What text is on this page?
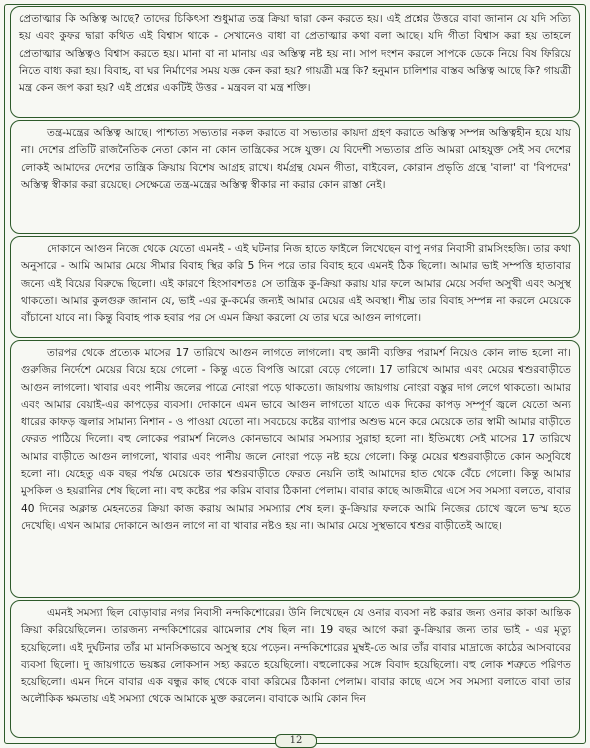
প্রেতাত্মার কি অস্তিত্ব আছে? তাদের চিকিৎসা শুধুমাত্র তন্ত্র ক্রিয়া দ্বারা কেন করতে হয়। এই প্রশ্নের উত্তরে বাবা জানান যে যদি সত্যি হয় এবং কুফর দ্বারা কথিত এই বিশ্বাস থাকে - সেখানেও বাধা বা প্রেতাত্মার কথা বলা আছে। যদি গীতা বিশ্বাস করা হয় তাহলে প্রেতাত্মার অস্তিত্বও বিশ্বাস করতে হয়। মানা বা না মানায় এর অস্তিত্ব নষ্ট হয় না। সাপ দংশন করলে সাপকে ডেকে নিয়ে বিষ ফিরিয়ে নিতে বাধ্য করা হয়। বিবাহ, বা ঘর নির্মাণের সময় যজ্ঞ কেন করা হয়? গায়ত্রী মন্ত্র কি? হনুমান চালিশার বাস্তব অস্তিত্ব আছে কি? গায়ত্রী মন্ত্র কেন জপ করা হয়? এই প্রশ্নের একটিই উত্তর - মন্ত্রবল বা মন্ত্র শক্তি।

তন্ত্র-মন্ত্রের অস্তিত্ব আছে। পাশ্চাত্য সভ্যতার নকল করাতে বা সভ্যতার কায়দা গ্রহণ করাতে অস্তিত্ব সম্পন্ন অস্তিত্বহীন হয়ে যায় না। দেশের প্রতিটি রাজনৈতিক নেতা কোন না কোন তান্ত্রিকের সঙ্গে যুক্ত। যে বিদেশী সভ্যতার প্রতি আমরা মোহযুক্ত সেই সব দেশের লোকই আমাদের দেশের তান্ত্রিক ক্রিয়ায় বিশেষ আগ্রহ রাখে। ধর্মগ্রন্থ যেমন গীতা, বাইবেল, কোরান প্রভৃতি গ্রন্থে 'বালা' বা 'বিপদের' অস্তিত্ব স্বীকার করা রয়েছে। সেক্ষেত্রে তন্ত্র-মন্ত্রের অস্তিত্ব স্বীকার না করার কোন রাস্তা নেই।

দোকানে আগুন নিজে থেকে যেতো এমনই - এই ঘটনার নিজ হাতে ফাইলে লিখেছেন বাপু নগর নিবাসী রামসিংহজি। তার কথা অনুসারে - আমি আমার মেয়ে সীমার বিবাহ স্থির করি 5 দিন পরে তার বিবাহ হবে এমনই ঠিক ছিলো। আমার ভাই সম্পত্তি হাতাবার জন্যে এই বিয়ের বিরুদ্ধে ছিলো। এই কারণে হিংসাবশতঃ সে তান্ত্রিক কু-ক্রিয়া করায় যার ফলে আমার মেয়ে সর্বদা অসুখী এবং অসুস্থ থাকতো। আমার কুলগুরু জানান যে, ভাই -এর কু-কর্মের জন্যই আমার মেয়ের এই অবস্থা। শীঘ্র তার বিবাহ সম্পন্ন না করলে মেয়েকে বাঁচানো যাবে না। কিন্তু বিবাহ পাক হবার পর সে এমন ক্রিয়া করলো যে তার ঘরে আগুন লাগলো।

তারপর থেকে প্রত্যেক মাসের 17 তারিখে আগুন লাগতে লাগলো। বহু জ্ঞানী ব্যক্তির পরামর্শ নিয়েও কোন লাভ হলো না। গুরুজির নির্দেশে মেয়ের বিয়ে হয়ে গেলো - কিন্তু এতে বিপত্তি আরো বেড়ে গেলো। 17 তারিখে আমার এবং মেয়ের শ্বশুরবাড়ীতে আগুন লাগলো। খাবার এবং পানীয় জলের পাত্রে নোংরা পড়ে থাকতো। জায়গায় জায়গায় নোংরা বস্তুর দাগ লেগে থাকতো। আমার এবং আমার বেয়াই-এর কাপড়ের ব্যবসা। দোকানে এমন ভাবে আগুন লাগতো যাতে এক দিকের কাপড় সম্পূর্ণ জ্বলে যেতো অন্য ধারের কাফড় জ্বলার সামান্য নিশান - ও পাওয়া যেতো না। সবচেয়ে কষ্টের ব্যাপার অশুভ মনে করে মেয়েকে তার স্বামী আমার বাড়ীতে ফেরত পাঠিয়ে দিলো। বহু লোকের পরামর্শ নিলেও কোনভাবে আমার সমস্যার সুরাহা হলো না। ইতিমধ্যে সেই মাসের 17 তারিখে আমার বাড়ীতে আগুন লাগলো, খাবার এবং পানীয় জলে নোংরা পড়ে নষ্ট হয়ে গেলো। কিন্তু মেয়ের শ্বশুরবাড়ীতে কোন অসুবিধে হলো না। যেহেতু এক বছর পর্যন্ত মেয়েকে তার শ্বশুরবাড়ীতে ফেরত নেয়নি তাই আমাদের হাত থেকে বেঁচে গেলো। কিন্তু আমার মুসকিল ও হয়রানির শেষ ছিলো না। বহু কষ্টের পর করিম বাবার ঠিকানা পেলাম। বাবার কাছে আজমীরে এসে সব সমস্যা বলতে, বাবার 40 দিনের অক্লান্ত মেহনতের ক্রিয়া কাজ করায় আমার সমস্যার শেষ হল। কু-ক্রিয়ার ফলকে আমি নিজের চোখে জ্বলে ভস্ম হতে দেখেছি। এখন আমার দোকানে আগুন লাগে না বা খাবার নষ্টও হয় না। আমার মেয়ে সুস্থভাবে শ্বশুর বাড়ীতেই আছে।

এমনই সমস্যা ছিল বোড়াবার নগর নিবাসী নন্দকিশোরের। উনি লিখেছেন যে ওনার ব্যবসা নষ্ট করার জন্য ওনার কাকা আন্তিক ক্রিয়া করিয়েছিলেন। তারজন্য নন্দকিশোরের ঝামেলার শেষ ছিল না। 19 বছর আগে করা কু-ক্রিয়ার জন্য তার ভাই - এর মৃত্যু হয়েছিলো। এই দুর্ঘটনার তাঁর মা মানসিকভাবে অসুস্থ হয়ে পড়েন। নন্দকিশোরের মুম্বই-তে আর তাঁর বাবার মাদ্রাজে কাঠের আসবাবের ব্যবসা ছিলো। দু জায়গাতে ভয়ঙ্কর লোকসান সহ্য করতে হয়েছিলো। বহুলোকের সঙ্গে বিবাদ হয়েছিলো। বহু লোক শত্রুতে পরিণত হয়েছিলো। এমন দিনে বাবার এক বন্ধুর কাছ থেকে বাবা করিমের ঠিকানা পেলাম। বাবার কাছে এসে সব সমস্যা বলাতে বাবা তার অলৌকিক ক্ষমতায় এই সমস্যা থেকে আমাকে মুক্ত করলেন। বাবাকে আমি কোন দিন

12
